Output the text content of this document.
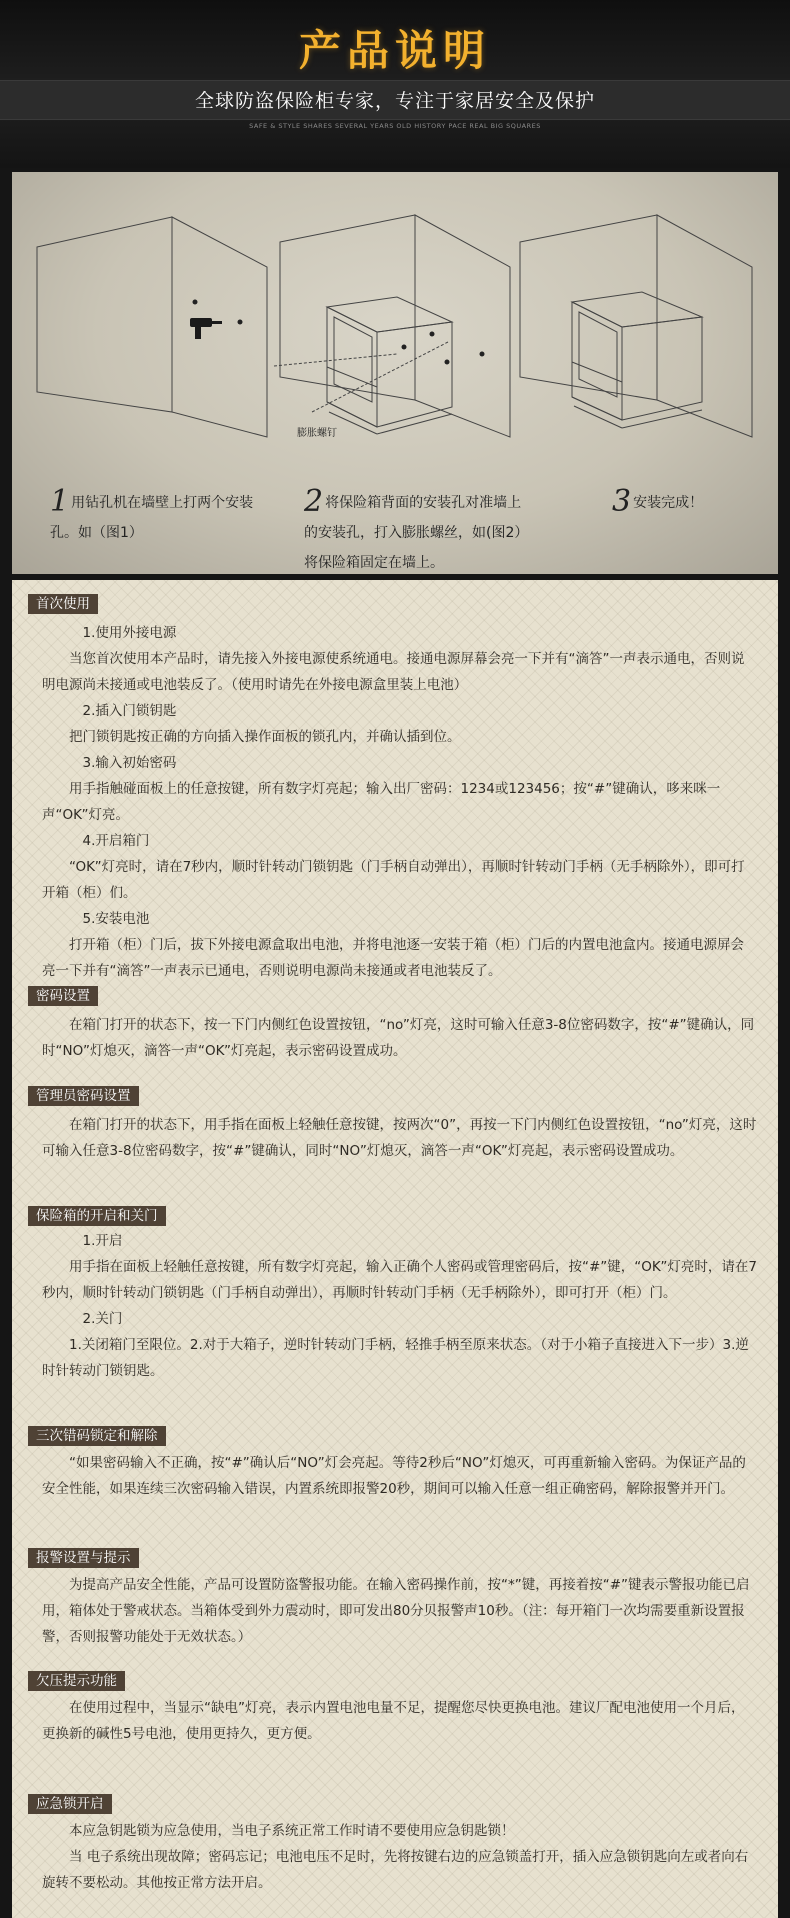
产品说明
全球防盗保险柜专家，专注于家居安全及保护
SAFE & STYLE SHARES SEVERAL YEARS OLD HISTORY PACE REAL BIG SQUARES
膨胀螺钉
1 用钻孔机在墙壁上打两个安装
孔。如（图1）
2 将保险箱背面的安装孔对准墙上
的安装孔，打入膨胀螺丝，如(图2）
将保险箱固定在墙上。
3 安装完成！
首次使用

1.使用外接电源

当您首次使用本产品时，请先接入外接电源使系统通电。接通电源屏幕会亮一下并有“滴答”一声表示通电，否则说明电源尚未接通或电池装反了。（使用时请先在外接电源盒里装上电池）

2.插入门锁钥匙

把门锁钥匙按正确的方向插入操作面板的锁孔内，并确认插到位。

3.输入初始密码

用手指触碰面板上的任意按键，所有数字灯亮起；输入出厂密码：1234或123456；按“#”键确认，哆来咪一声“OK”灯亮。

4.开启箱门

“OK”灯亮时，请在7秒内，顺时针转动门锁钥匙（门手柄自动弹出），再顺时针转动门手柄（无手柄除外），即可打开箱（柜）们。

5.安装电池

打开箱（柜）门后，拔下外接电源盒取出电池，并将电池逐一安装于箱（柜）门后的内置电池盒内。接通电源屏会亮一下并有“滴答”一声表示已通电，否则说明电源尚未接通或者电池装反了。

密码设置

在箱门打开的状态下，按一下门内侧红色设置按钮，“no”灯亮，这时可输入任意3-8位密码数字，按“#”键确认，同时“NO”灯熄灭，滴答一声“OK”灯亮起，表示密码设置成功。

管理员密码设置

在箱门打开的状态下，用手指在面板上轻触任意按键，按两次“0”，再按一下门内侧红色设置按钮，“no”灯亮，这时可输入任意3-8位密码数字，按“#”键确认，同时“NO”灯熄灭，滴答一声“OK”灯亮起，表示密码设置成功。

保险箱的开启和关门

1.开启

用手指在面板上轻触任意按键，所有数字灯亮起，输入正确个人密码或管理密码后，按“#”键，“OK”灯亮时，请在7秒内，顺时针转动门锁钥匙（门手柄自动弹出），再顺时针转动门手柄（无手柄除外），即可打开（柜）门。

2.关门

1.关闭箱门至限位。2.对于大箱子，逆时针转动门手柄，轻推手柄至原来状态。（对于小箱子直接进入下一步）3.逆时针转动门锁钥匙。

三次错码锁定和解除

“如果密码输入不正确，按“#”确认后“NO”灯会亮起。等待2秒后“NO”灯熄灭，可再重新输入密码。为保证产品的安全性能，如果连续三次密码输入错误，内置系统即报警20秒，期间可以输入任意一组正确密码，解除报警并开门。

报警设置与提示

为提高产品安全性能，产品可设置防盗警报功能。在输入密码操作前，按“*”键，再接着按“#”键表示警报功能已启用，箱体处于警戒状态。当箱体受到外力震动时，即可发出80分贝报警声10秒。（注：每开箱门一次均需要重新设置报警，否则报警功能处于无效状态。）

欠压提示功能

在使用过程中，当显示“缺电”灯亮，表示内置电池电量不足，提醒您尽快更换电池。建议厂配电池使用一个月后，更换新的碱性5号电池，使用更持久，更方便。

应急锁开启

本应急钥匙锁为应急使用，当电子系统正常工作时请不要使用应急钥匙锁！

当 电子系统出现故障；密码忘记；电池电压不足时，先将按键右边的应急锁盖打开，插入应急锁钥匙向左或者向右旋转不要松动。其他按正常方法开启。
